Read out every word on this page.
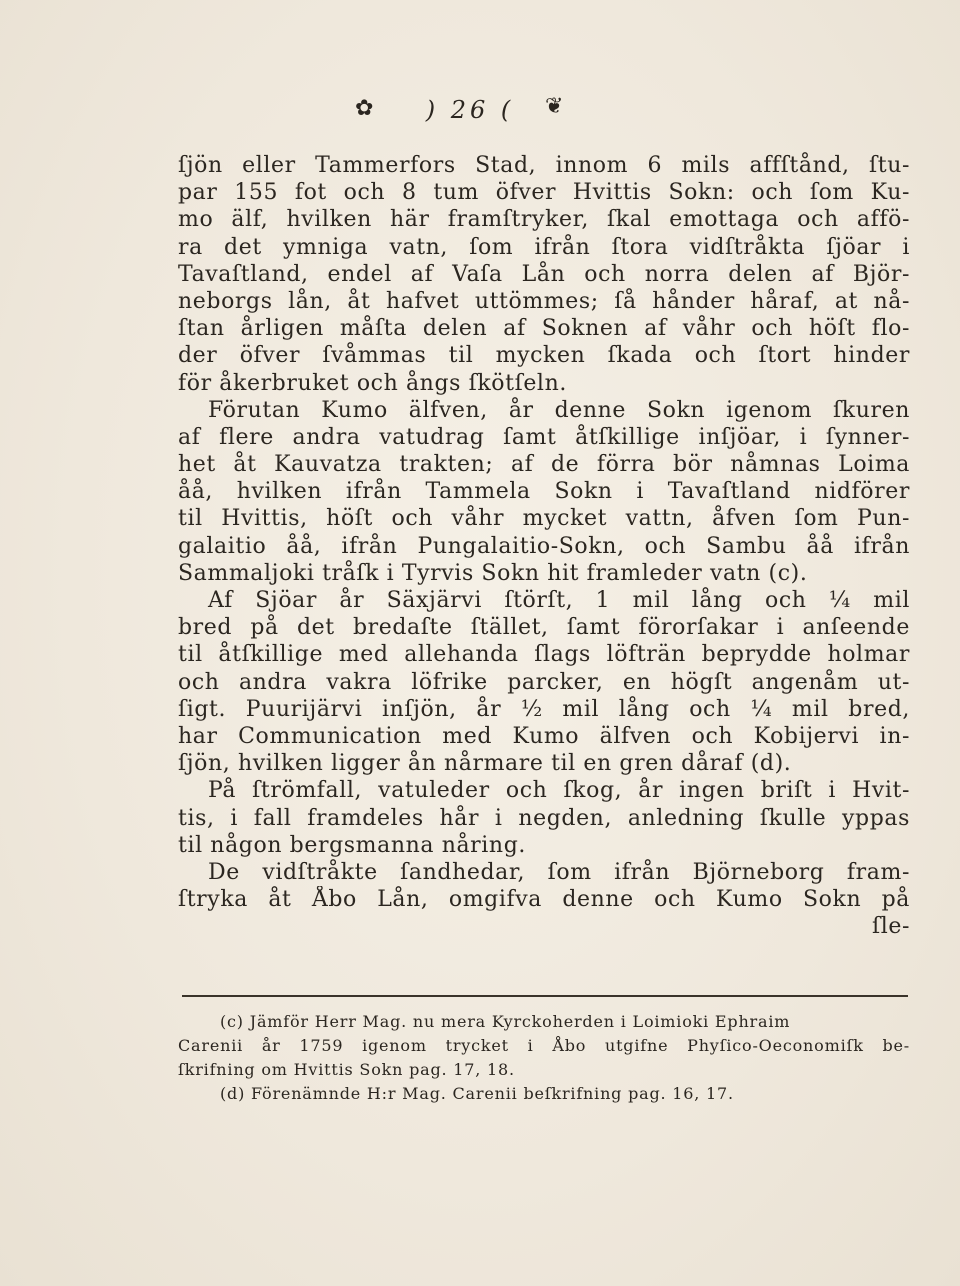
✿	) 26 (	❦
ſjön eller Tammerfors Stad, innom 6 mils affſtånd, ſtu-
par 155 fot och 8 tum öfver Hvittis Sokn: och ſom Ku-
mo älf, hvilken här framſtryker, ſkal emottaga och affö-
ra det ymniga vatn, ſom ifrån ſtora vidſtråkta ſjöar i
Tavaſtland, endel af Vaſa Lån och norra delen af Björ-
neborgs lån, åt hafvet uttömmes; ſå hånder håraf, at nå-
ſtan årligen måſta delen af Soknen af våhr och höſt flo-
der öfver ſvåmmas til mycken ſkada och ſtort hinder
för åkerbruket och ångs ſkötſeln.
Förutan Kumo älfven, år denne Sokn igenom ſkuren
af flere andra vatudrag ſamt åtſkillige inſjöar, i ſynner-
het åt Kauvatza trakten; af de förra bör nåmnas Loima
åå, hvilken ifrån Tammela Sokn i Tavaſtland nidförer
til Hvittis, höſt och våhr mycket vattn, åfven ſom Pun-
galaitio åå, ifrån Pungalaitio-Sokn, och Sambu åå ifrån
Sammaljoki tråſk i Tyrvis Sokn hit framleder vatn (c).
Af Sjöar år Säxjärvi ſtörſt, 1 mil lång och ¼ mil
bred på det bredaſte ſtället, ſamt förorſakar i anſeende
til åtſkillige med allehanda ſlags löfträn beprydde holmar
och andra vakra löfrike parcker, en högſt angenåm ut-
ſigt. Puurijärvi inſjön, år ½ mil lång och ¼ mil bred,
har Communication med Kumo älfven och Kobijervi in-
ſjön, hvilken ligger ån nårmare til en gren dåraf (d).
På ſtrömfall, vatuleder och ſkog, år ingen briſt i Hvit-
tis, i fall framdeles hår i negden, anledning ſkulle yppas
til någon bergsmanna nåring.
De vidſtråkte ſandhedar, ſom ifrån Björneborg fram-
ſtryka åt Åbo Lån, omgifva denne och Kumo Sokn på
ſle-
(c) Jämför Herr Mag. nu mera Kyrckoherden i Loimioki Ephraim
Carenii år 1759 igenom trycket i Åbo utgifne Phyſico-Oeconomiſk be-
ſkrifning om Hvittis Sokn pag. 17, 18.
(d) Förenämnde H:r Mag. Carenii beſkrifning pag. 16, 17.
